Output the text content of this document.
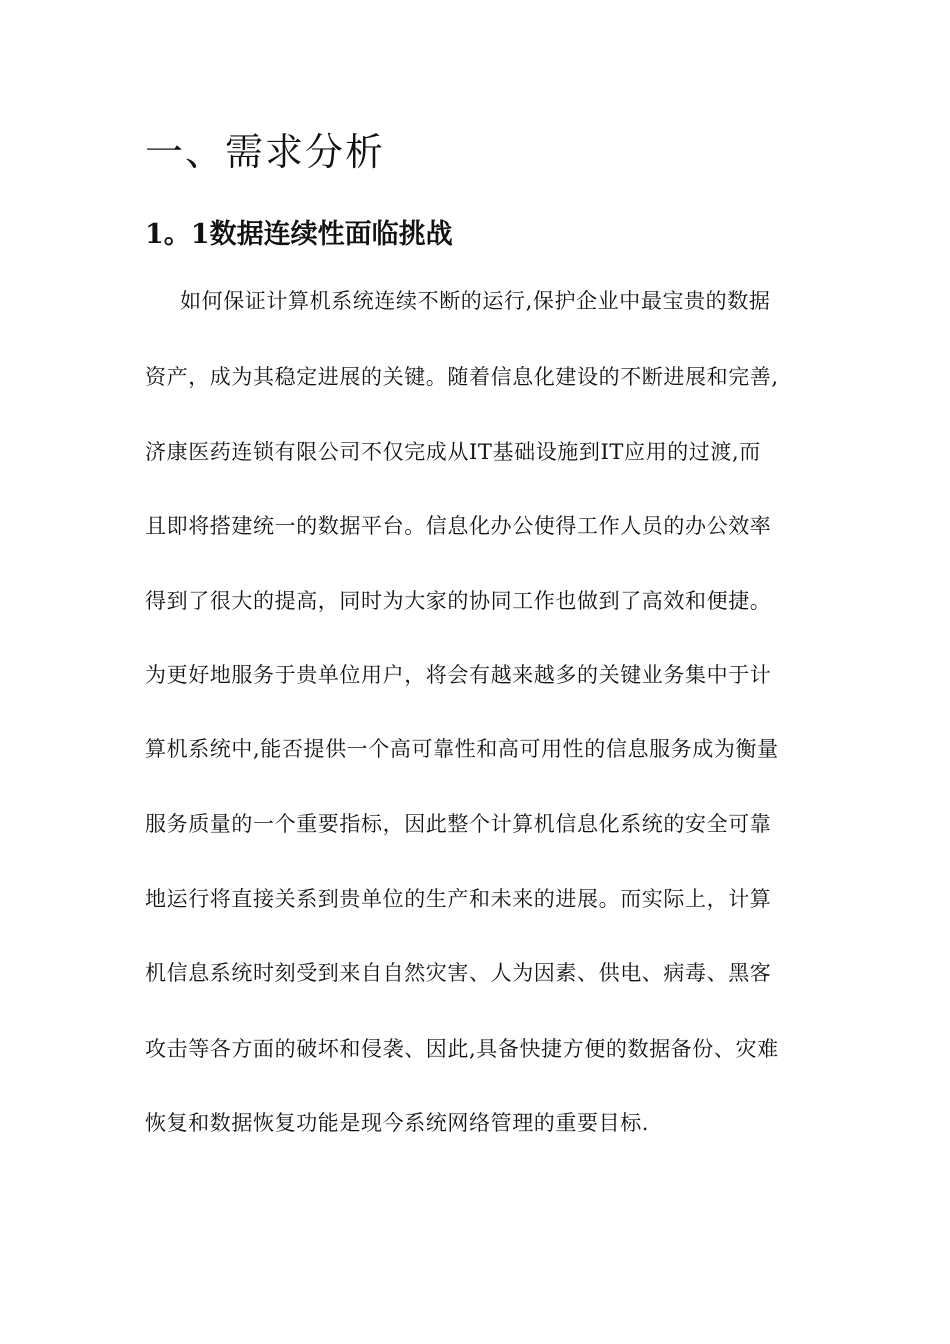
一、需求分析
1。1数据连续性面临挑战

如何保证计算机系统连续不断的运行,保护企业中最宝贵的数据

资产，成为其稳定进展的关键。随着信息化建设的不断进展和完善,

济康医药连锁有限公司不仅完成从IT基础设施到IT应用的过渡,而

且即将搭建统一的数据平台。信息化办公使得工作人员的办公效率

得到了很大的提高，同时为大家的协同工作也做到了高效和便捷。

为更好地服务于贵单位用户，将会有越来越多的关键业务集中于计

算机系统中,能否提供一个高可靠性和高可用性的信息服务成为衡量

服务质量的一个重要指标，因此整个计算机信息化系统的安全可靠

地运行将直接关系到贵单位的生产和未来的进展。而实际上，计算

机信息系统时刻受到来自自然灾害、人为因素、供电、病毒、黑客

攻击等各方面的破坏和侵袭、因此,具备快捷方便的数据备份、灾难

恢复和数据恢复功能是现今系统网络管理的重要目标.
